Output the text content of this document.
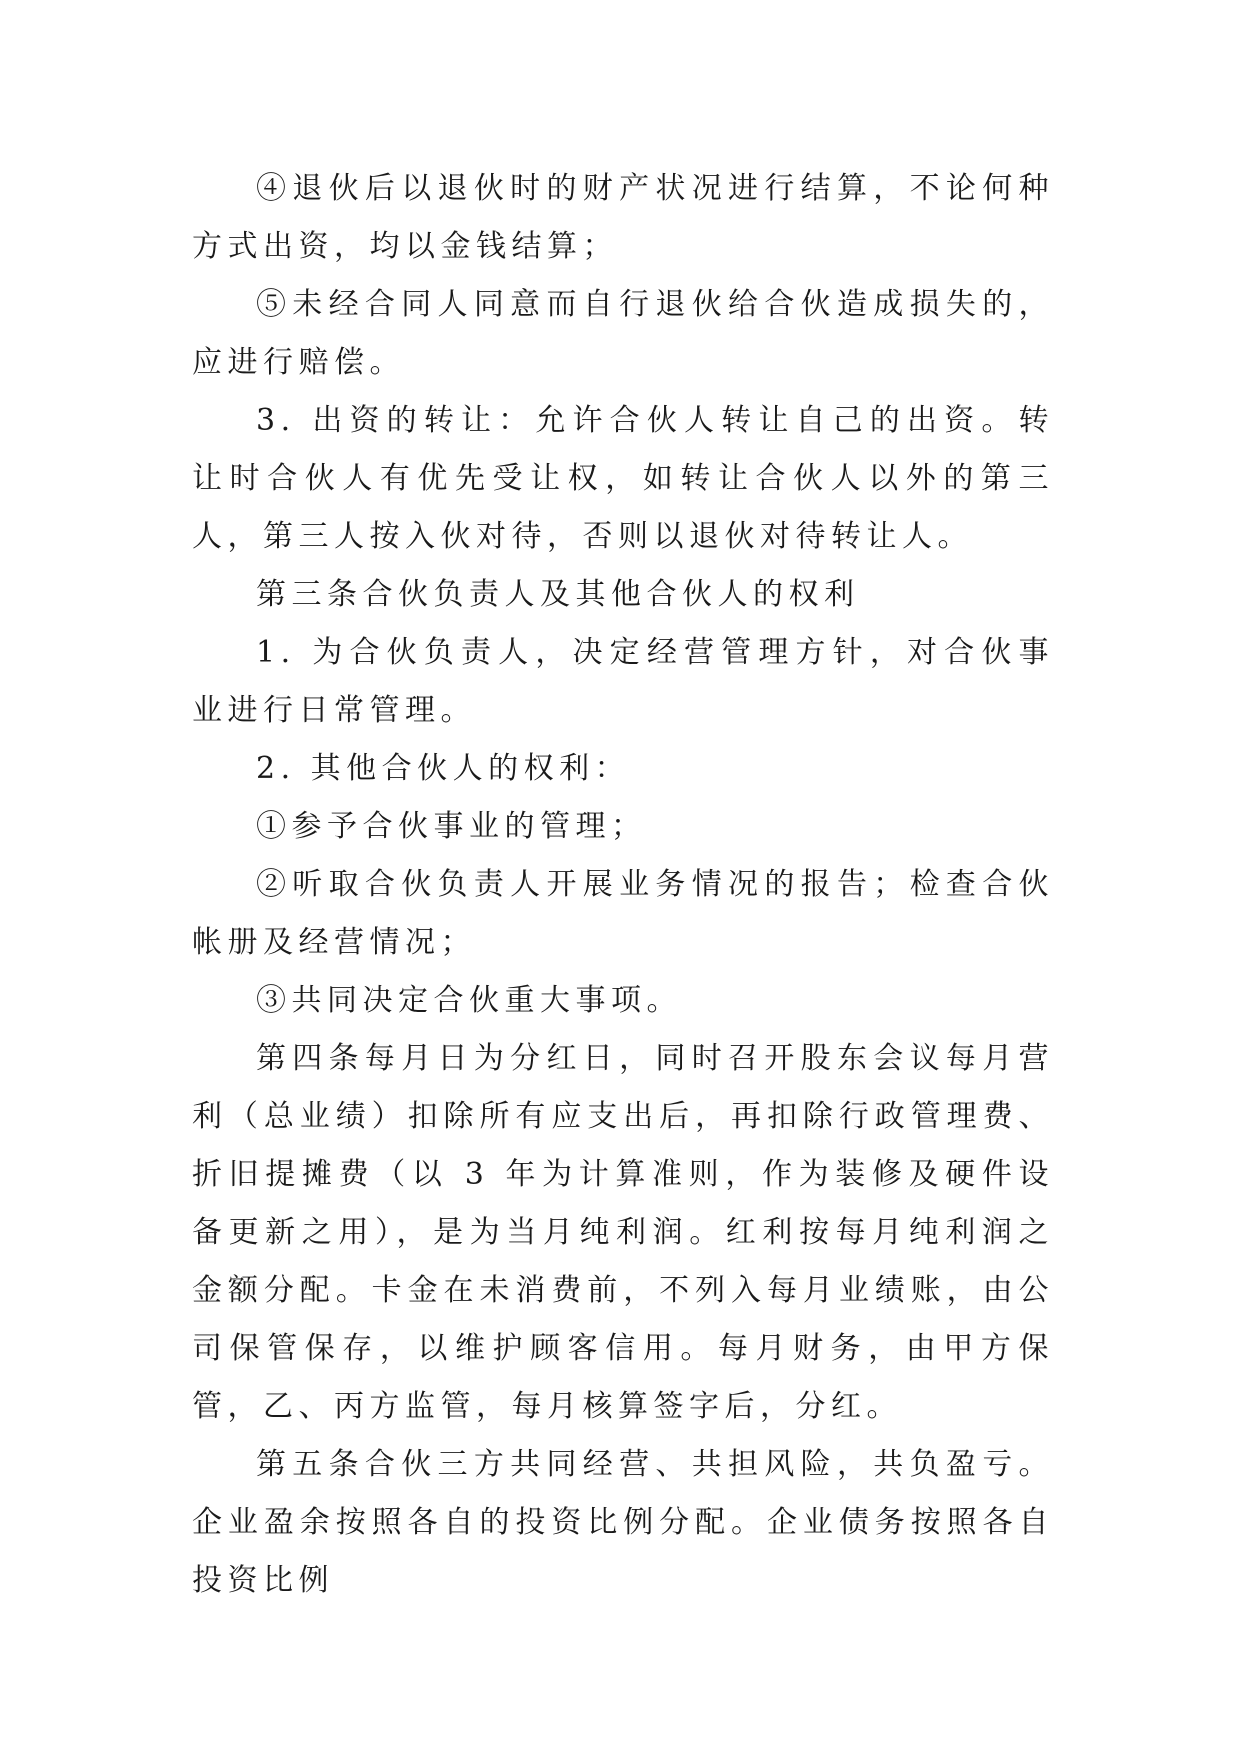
④退伙后以退伙时的财产状况进行结算，不论何种方式出资，均以金钱结算；

⑤未经合同人同意而自行退伙给合伙造成损失的，应进行赔偿。

3. 出资的转让：允许合伙人转让自己的出资。转让时合伙人有优先受让权，如转让合伙人以外的第三人，第三人按入伙对待，否则以退伙对待转让人。

第三条合伙负责人及其他合伙人的权利

1. 为合伙负责人，决定经营管理方针，对合伙事业进行日常管理。

2. 其他合伙人的权利：

①参予合伙事业的管理；

②听取合伙负责人开展业务情况的报告；检查合伙帐册及经营情况；

③共同决定合伙重大事项。

第四条每月日为分红日，同时召开股东会议每月营利（总业绩）扣除所有应支出后，再扣除行政管理费、折旧提摊费（以 3 年为计算准则，作为装修及硬件设备更新之用），是为当月纯利润。红利按每月纯利润之金额分配。卡金在未消费前，不列入每月业绩账，由公司保管保存，以维护顾客信用。每月财务，由甲方保管，乙、丙方监管，每月核算签字后，分红。

第五条合伙三方共同经营、共担风险，共负盈亏。企业盈余按照各自的投资比例分配。企业债务按照各自投资比例
